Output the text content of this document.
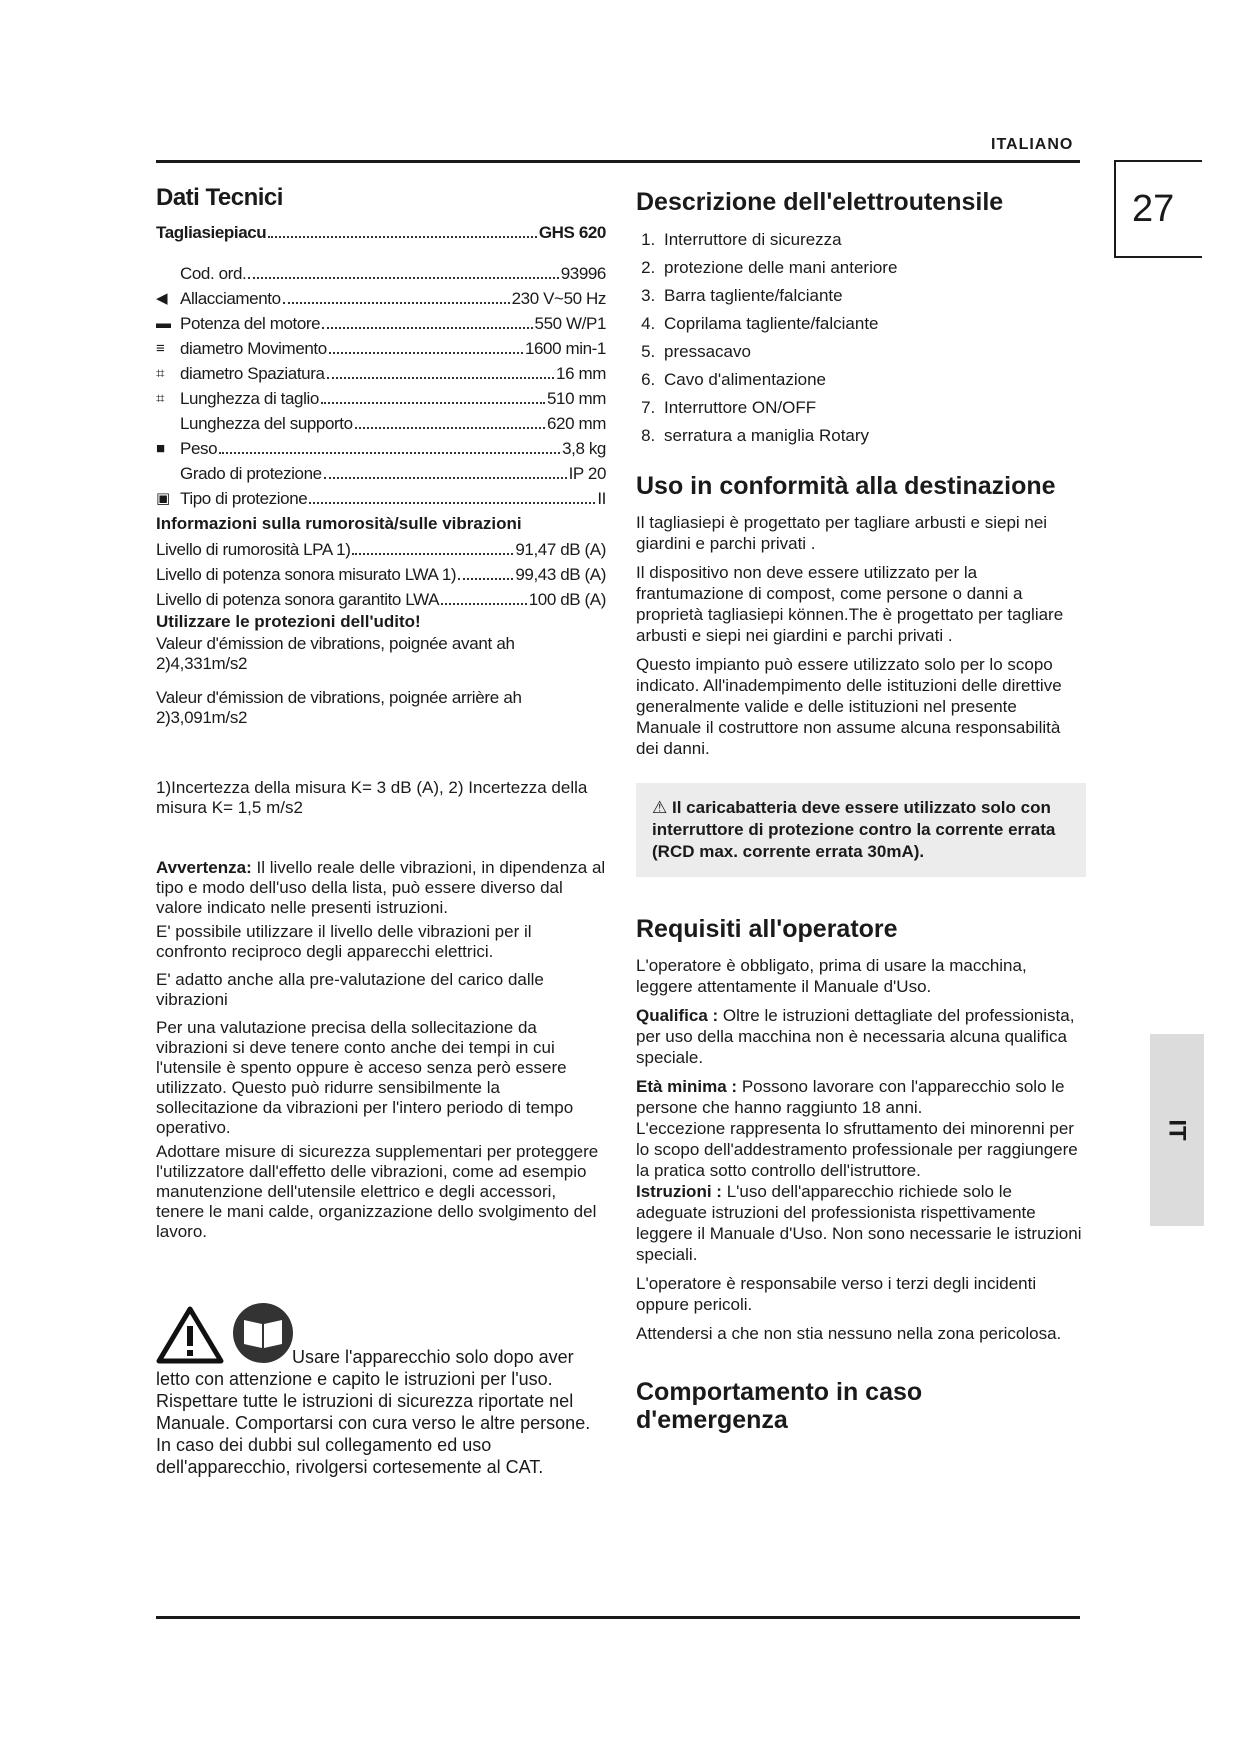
ITALIANO
27
IT
Dati Tecnici
Tagliasiepiacu	GHS 620
Cod. ord.	93996
◀ Allacciamento	230 V~50 Hz
▬ Potenza del motore	550 W/P1
≡ diametro Movimento	1600 min-1
⌗ diametro Spaziatura	16 mm
⌗ Lunghezza di taglio	510 mm
Lunghezza del supporto	620 mm
■ Peso	3,8 kg
Grado di protezione	IP 20
▣ Tipo di protezione	II
Informazioni sulla rumorosità/sulle vibrazioni
Livello di rumorosità LPA 1)	91,47 dB (A)
Livello di potenza sonora misurato LWA 1)	99,43 dB (A)
Livello di potenza sonora garantito LWA	100 dB (A)
Utilizzare le protezioni dell'udito!

Valeur d'émission de vibrations, poignée avant ah 2)4,331m/s2

Valeur d'émission de vibrations, poignée arrière ah 2)3,091m/s2

1)Incertezza della misura K= 3 dB (A), 2) Incertezza della misura K= 1,5 m/s2

Avvertenza: Il livello reale delle vibrazioni, in dipendenza al tipo e modo dell'uso della lista, può essere diverso dal valore indicato nelle presenti istruzioni.

E' possibile utilizzare il livello delle vibrazioni per il confronto reciproco degli apparecchi elettrici.

E' adatto anche alla pre-valutazione del carico dalle vibrazioni

Per una valutazione precisa della sollecitazione da vibrazioni si deve tenere conto anche dei tempi in cui l'utensile è spento oppure è acceso senza però essere utilizzato. Questo può ridurre sensibilmente la sollecitazione da vibrazioni per l'intero periodo di tempo operativo.

Adottare misure di sicurezza supplementari per proteggere l'utilizzatore dall'effetto delle vibrazioni, come ad esempio manutenzione dell'utensile elettrico e degli accessori, tenere le mani calde, organizzazione dello svolgimento del lavoro.

Usare l'apparecchio solo dopo aver letto con attenzione e capito le istruzioni per l'uso. Rispettare tutte le istruzioni di sicurezza riportate nel Manuale. Comportarsi con cura verso le altre persone. In caso dei dubbi sul collegamento ed uso dell'apparecchio, rivolgersi cortesemente al CAT.

Descrizione dell'elettroutensile
1. Interruttore di sicurezza
2. protezione delle mani anteriore
3. Barra tagliente/falciante
4. Coprilama tagliente/falciante
5. pressacavo
6. Cavo d'alimentazione
7. Interruttore ON/OFF
8. serratura a maniglia Rotary
Uso in conformità alla destinazione

Il tagliasiepi è progettato per tagliare arbusti e siepi nei giardini e parchi privati .

Il dispositivo non deve essere utilizzato per la frantumazione di compost, come persone o danni a proprietà tagliasiepi können.The è progettato per tagliare arbusti e siepi nei giardini e parchi privati .

Questo impianto può essere utilizzato solo per lo scopo indicato. All'inadempimento delle istituzioni delle direttive generalmente valide e delle istituzioni nel presente Manuale il costruttore non assume alcuna responsabilità dei danni.

⚠ Il caricabatteria deve essere utilizzato solo con interruttore di protezione contro la corrente errata (RCD max. corrente errata 30mA).
Requisiti all'operatore

L'operatore è obbligato, prima di usare la macchina, leggere attentamente il Manuale d'Uso.

Qualifica : Oltre le istruzioni dettagliate del professionista, per uso della macchina non è necessaria alcuna qualifica speciale.

Età minima : Possono lavorare con l'apparecchio solo le persone che hanno raggiunto 18 anni.

L'eccezione rappresenta lo sfruttamento dei minorenni per lo scopo dell'addestramento professionale per raggiungere la pratica sotto controllo dell'istruttore.

Istruzioni : L'uso dell'apparecchio richiede solo le adeguate istruzioni del professionista rispettivamente leggere il Manuale d'Uso. Non sono necessarie le istruzioni speciali.

L'operatore è responsabile verso i terzi degli incidenti oppure pericoli.

Attendersi a che non stia nessuno nella zona pericolosa.

Comportamento in caso d'emergenza
